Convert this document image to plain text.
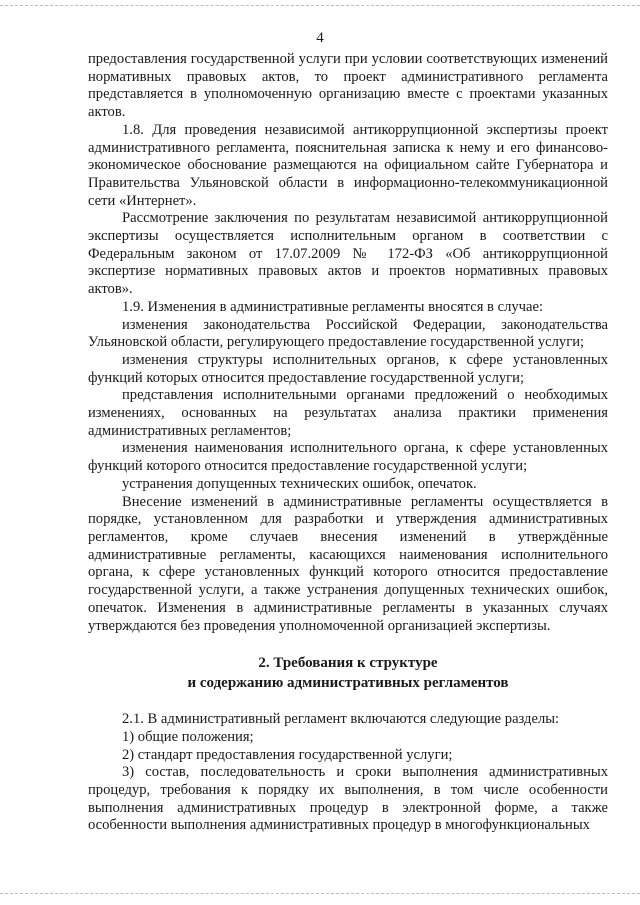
4

предоставления государственной услуги при условии соответствующих изменений нормативных правовых актов, то проект административного регламента представляется в уполномоченную организацию вместе с проектами указанных актов.

1.8. Для проведения независимой антикоррупционной экспертизы проект административного регламента, пояснительная записка к нему и его финансово-экономическое обоснование размещаются на официальном сайте Губернатора и Правительства Ульяновской области в информационно-телекоммуникационной сети «Интернет».

Рассмотрение заключения по результатам независимой антикоррупционной экспертизы осуществляется исполнительным органом в соответствии с Федеральным законом от 17.07.2009 № 172-ФЗ «Об антикоррупционной экспертизе нормативных правовых актов и проектов нормативных правовых актов».

1.9. Изменения в административные регламенты вносятся в случае:

изменения законодательства Российской Федерации, законодательства Ульяновской области, регулирующего предоставление государственной услуги;

изменения структуры исполнительных органов, к сфере установленных функций которых относится предоставление государственной услуги;

представления исполнительными органами предложений о необходимых изменениях, основанных на результатах анализа практики применения административных регламентов;

изменения наименования исполнительного органа, к сфере установленных функций которого относится предоставление государственной услуги;

устранения допущенных технических ошибок, опечаток.

Внесение изменений в административные регламенты осуществляется в порядке, установленном для разработки и утверждения административных регламентов, кроме случаев внесения изменений в утверждённые административные регламенты, касающихся наименования исполнительного органа, к сфере установленных функций которого относится предоставление государственной услуги, а также устранения допущенных технических ошибок, опечаток. Изменения в административные регламенты в указанных случаях утверждаются без проведения уполномоченной организацией экспертизы.

2. Требования к структуре
и содержанию административных регламентов

2.1. В административный регламент включаются следующие разделы:

1) общие положения;

2) стандарт предоставления государственной услуги;

3) состав, последовательность и сроки выполнения административных процедур, требования к порядку их выполнения, в том числе особенности выполнения административных процедур в электронной форме, а также особенности выполнения административных процедур в многофункциональных
